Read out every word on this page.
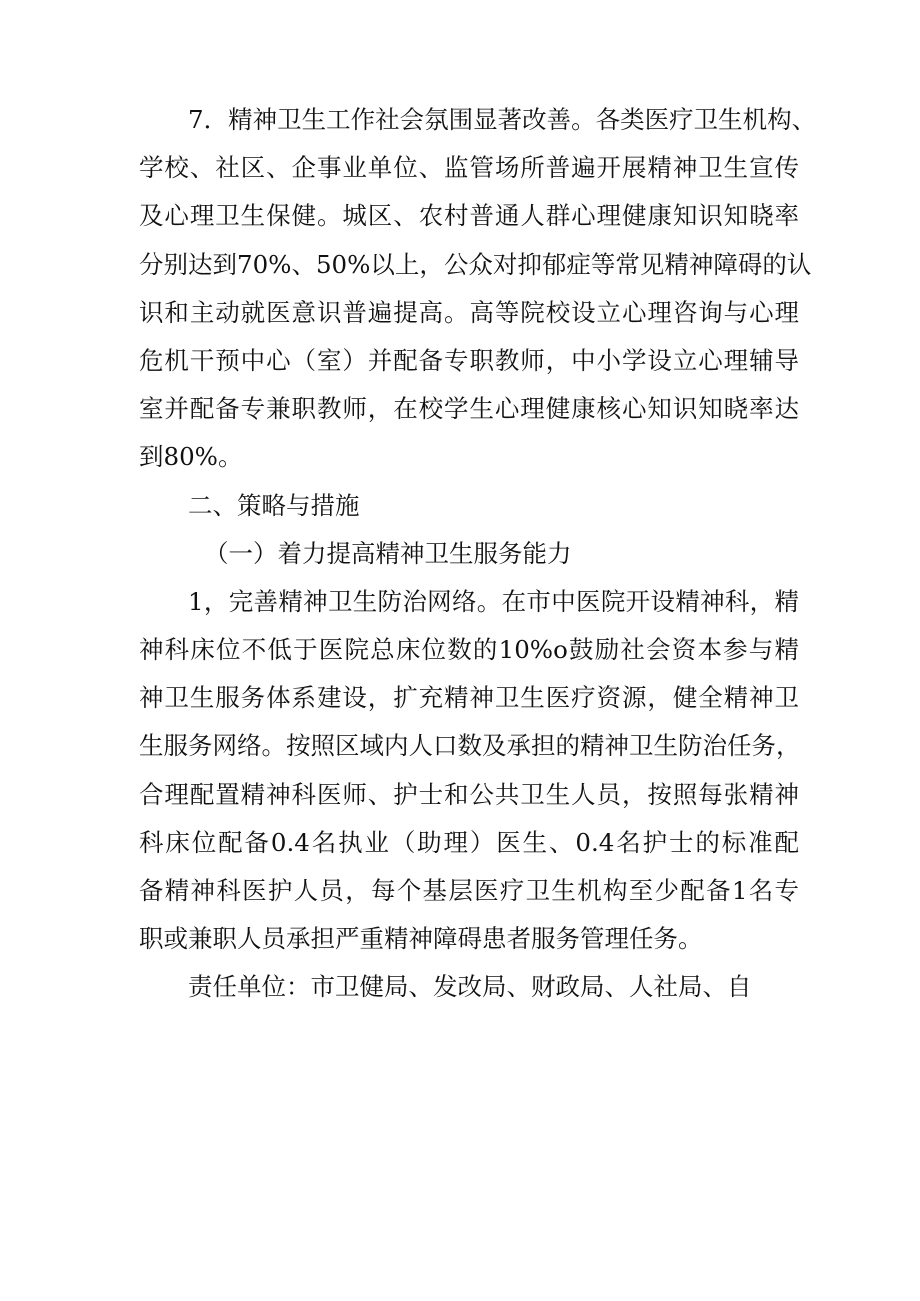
7．精神卫生工作社会氛围显著改善。各类医疗卫生机构、
学校、社区、企事业单位、监管场所普遍开展精神卫生宣传
及心理卫生保健。城区、农村普通人群心理健康知识知晓率
分别达到70%、50%以上，公众对抑郁症等常见精神障碍的认
识和主动就医意识普遍提高。高等院校设立心理咨询与心理
危机干预中心（室）并配备专职教师，中小学设立心理辅导
室并配备专兼职教师，在校学生心理健康核心知识知晓率达
到80%。
二、策略与措施
（一）着力提高精神卫生服务能力
1，完善精神卫生防治网络。在市中医院开设精神科，精
神科床位不低于医院总床位数的10%o鼓励社会资本参与精
神卫生服务体系建设，扩充精神卫生医疗资源，健全精神卫
生服务网络。按照区域内人口数及承担的精神卫生防治任务，
合理配置精神科医师、护士和公共卫生人员，按照每张精神
科床位配备0.4名执业（助理）医生、0.4名护士的标准配
备精神科医护人员，每个基层医疗卫生机构至少配备1名专
职或兼职人员承担严重精神障碍患者服务管理任务。
责任单位：市卫健局、发改局、财政局、人社局、自
